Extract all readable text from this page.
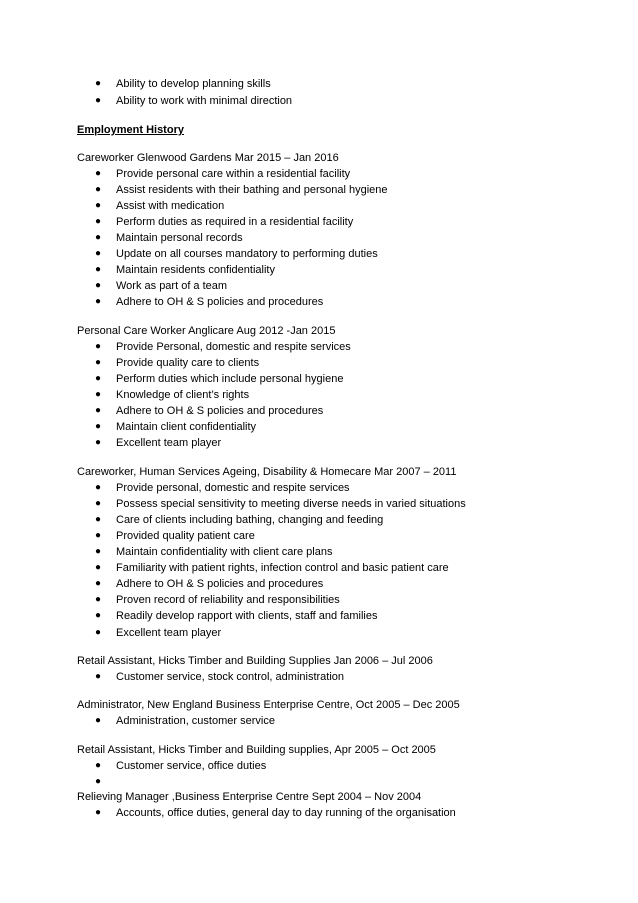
● Ability to develop planning skills
● Ability to work with minimal direction
Employment History
Careworker Glenwood Gardens Mar 2015 – Jan 2016
● Provide personal care within a residential facility
● Assist residents with their bathing and personal hygiene
● Assist with medication
● Perform duties as required in a residential facility
● Maintain personal records
● Update on all courses mandatory to performing duties
● Maintain residents confidentiality
● Work as part of a team
● Adhere to OH & S policies and procedures
Personal Care Worker Anglicare Aug 2012 -Jan 2015
● Provide Personal, domestic and respite services
● Provide quality care to clients
● Perform duties which include personal hygiene
● Knowledge of client’s rights
● Adhere to OH & S policies and procedures
● Maintain client confidentiality
● Excellent team player
Careworker, Human Services Ageing, Disability & Homecare Mar 2007 – 2011
● Provide personal, domestic and respite services
● Possess special sensitivity to meeting diverse needs in varied situations
● Care of clients including bathing, changing and feeding
● Provided quality patient care
● Maintain confidentiality with client care plans
● Familiarity with patient rights, infection control and basic patient care
● Adhere to OH & S policies and procedures
● Proven record of reliability and responsibilities
● Readily develop rapport with clients, staff and families
● Excellent team player
Retail Assistant, Hicks Timber and Building Supplies Jan 2006 – Jul 2006
● Customer service, stock control, administration
Administrator, New England Business Enterprise Centre, Oct 2005 – Dec 2005
● Administration, customer service
Retail Assistant, Hicks Timber and Building supplies, Apr 2005 – Oct 2005
● Customer service, office duties
●
Relieving Manager ,Business Enterprise Centre Sept 2004 – Nov 2004
● Accounts, office duties, general day to day running of the organisation
